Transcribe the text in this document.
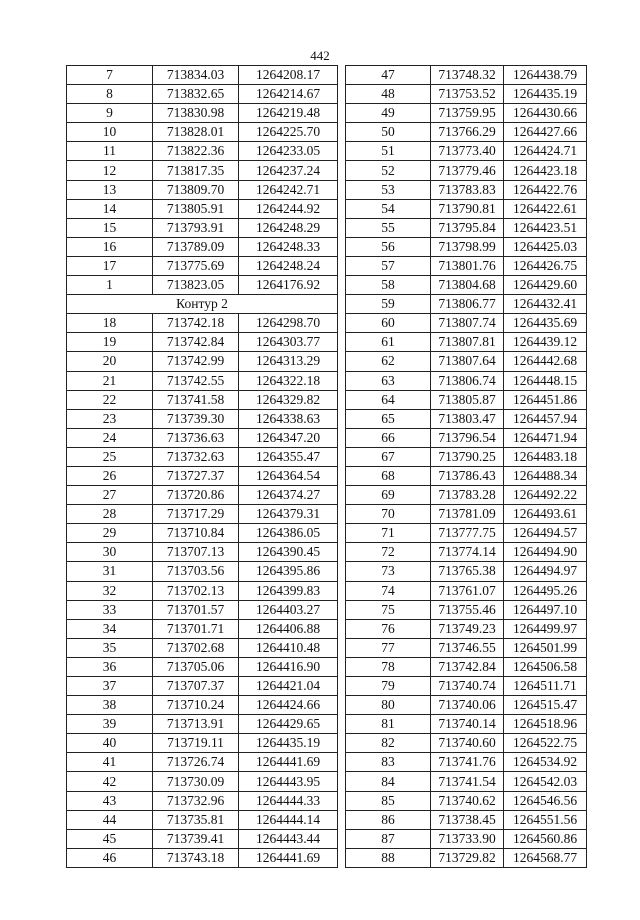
442
7	713834.03	1264208.17
8	713832.65	1264214.67
9	713830.98	1264219.48
10	713828.01	1264225.70
11	713822.36	1264233.05
12	713817.35	1264237.24
13	713809.70	1264242.71
14	713805.91	1264244.92
15	713793.91	1264248.29
16	713789.09	1264248.33
17	713775.69	1264248.24
1	713823.05	1264176.92
Контур 2		
18	713742.18	1264298.70
19	713742.84	1264303.77
20	713742.99	1264313.29
21	713742.55	1264322.18
22	713741.58	1264329.82
23	713739.30	1264338.63
24	713736.63	1264347.20
25	713732.63	1264355.47
26	713727.37	1264364.54
27	713720.86	1264374.27
28	713717.29	1264379.31
29	713710.84	1264386.05
30	713707.13	1264390.45
31	713703.56	1264395.86
32	713702.13	1264399.83
33	713701.57	1264403.27
34	713701.71	1264406.88
35	713702.68	1264410.48
36	713705.06	1264416.90
37	713707.37	1264421.04
38	713710.24	1264424.66
39	713713.91	1264429.65
40	713719.11	1264435.19
41	713726.74	1264441.69
42	713730.09	1264443.95
43	713732.96	1264444.33
44	713735.81	1264444.14
45	713739.41	1264443.44
46	713743.18	1264441.69
47	713748.32	1264438.79
48	713753.52	1264435.19
49	713759.95	1264430.66
50	713766.29	1264427.66
51	713773.40	1264424.71
52	713779.46	1264423.18
53	713783.83	1264422.76
54	713790.81	1264422.61
55	713795.84	1264423.51
56	713798.99	1264425.03
57	713801.76	1264426.75
58	713804.68	1264429.60
59	713806.77	1264432.41
60	713807.74	1264435.69
61	713807.81	1264439.12
62	713807.64	1264442.68
63	713806.74	1264448.15
64	713805.87	1264451.86
65	713803.47	1264457.94
66	713796.54	1264471.94
67	713790.25	1264483.18
68	713786.43	1264488.34
69	713783.28	1264492.22
70	713781.09	1264493.61
71	713777.75	1264494.57
72	713774.14	1264494.90
73	713765.38	1264494.97
74	713761.07	1264495.26
75	713755.46	1264497.10
76	713749.23	1264499.97
77	713746.55	1264501.99
78	713742.84	1264506.58
79	713740.74	1264511.71
80	713740.06	1264515.47
81	713740.14	1264518.96
82	713740.60	1264522.75
83	713741.76	1264534.92
84	713741.54	1264542.03
85	713740.62	1264546.56
86	713738.45	1264551.56
87	713733.90	1264560.86
88	713729.82	1264568.77
